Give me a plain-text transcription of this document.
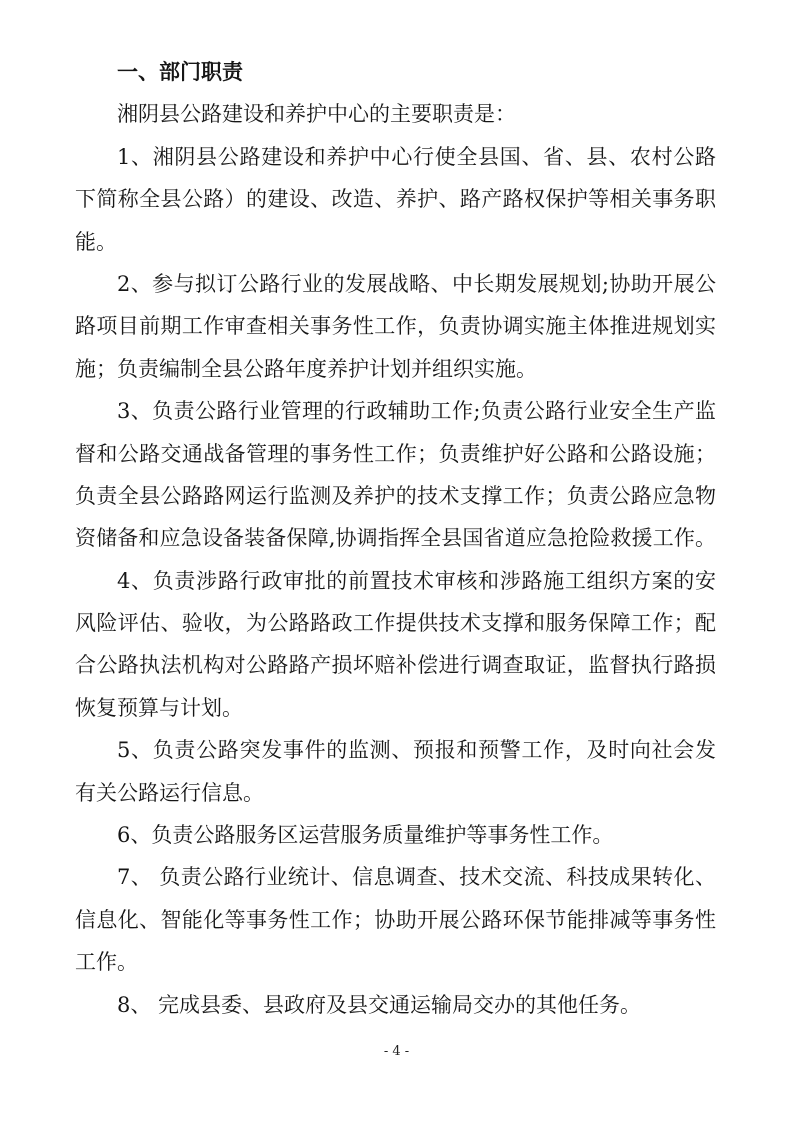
一、部门职责
湘阴县公路建设和养护中心的主要职责是：
1、湘阴县公路建设和养护中心行使全县国、省、县、农村公路
下简称全县公路）的建设、改造、养护、路产路权保护等相关事务职
能。
2、参与拟订公路行业的发展战略、中长期发展规划;协助开展公
路项目前期工作审查相关事务性工作，负责协调实施主体推进规划实
施；负责编制全县公路年度养护计划并组织实施。
3、负责公路行业管理的行政辅助工作;负责公路行业安全生产监
督和公路交通战备管理的事务性工作；负责维护好公路和公路设施；
负责全县公路路网运行监测及养护的技术支撑工作；负责公路应急物
资储备和应急设备装备保障,协调指挥全县国省道应急抢险救援工作。
4、负责涉路行政审批的前置技术审核和涉路施工组织方案的安
风险评估、验收，为公路路政工作提供技术支撑和服务保障工作；配
合公路执法机构对公路路产损坏赔补偿进行调查取证，监督执行路损
恢复预算与计划。
5、负责公路突发事件的监测、预报和预警工作，及时向社会发
有关公路运行信息。
6、负责公路服务区运营服务质量维护等事务性工作。
7、 负责公路行业统计、信息调查、技术交流、科技成果转化、
信息化、智能化等事务性工作；协助开展公路环保节能排减等事务性
工作。
8、 完成县委、县政府及县交通运输局交办的其他任务。
- 4 -
